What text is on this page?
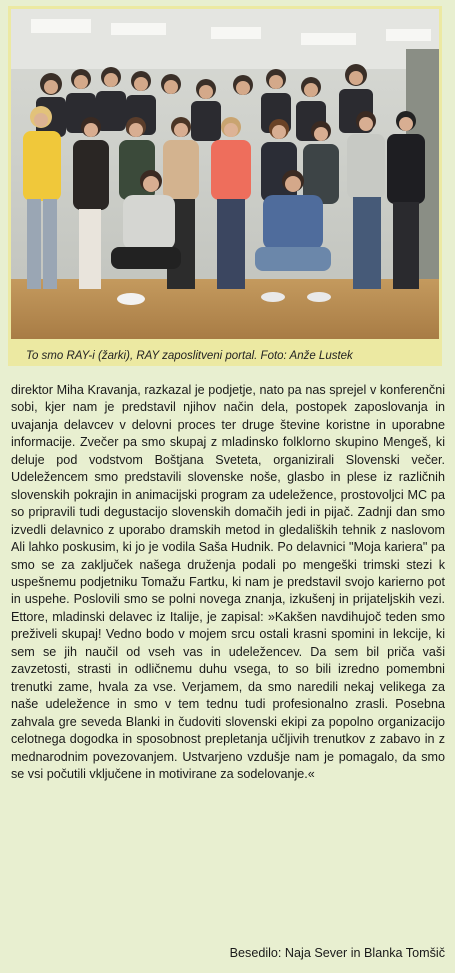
To smo RAY-i (žarki), RAY zaposlitveni portal. Foto: Anže Lustek

direktor Miha Kravanja, razkazal je podjetje, nato pa nas sprejel v konferenčni sobi, kjer nam je predstavil njihov način dela, postopek zaposlovanja in uvajanja delavcev v delovni proces ter druge števine koristne in uporabne informacije. Zvečer pa smo skupaj z mladinsko folklorno skupino Mengeš, ki deluje pod vodstvom Boštjana Sveteta, organizirali Slovenski večer. Udeležencem smo predstavili slovenske noše, glasbo in plese iz različnih slovenskih pokrajin in animacijski program za udeležence, prostovoljci MC pa so pripravili tudi degustacijo slovenskih domačih jedi in pijač. Zadnji dan smo izvedli delavnico z uporabo dramskih metod in gledaliških tehnik z naslovom Ali lahko poskusim, ki jo je vodila Saša Hudnik. Po delavnici "Moja kariera" pa smo se za zaključek našega druženja podali po mengeški trimski stezi k uspešnemu podjetniku Tomažu Fartku, ki nam je predstavil svojo karierno pot in uspehe. Poslovili smo se polni novega znanja, izkušenj in prijateljskih vezi. Ettore, mladinski delavec iz Italije, je zapisal: »Kakšen navdihujoč teden smo preživeli skupaj! Vedno bodo v mojem srcu ostali krasni spomini in lekcije, ki sem se jih naučil od vseh vas in udeležencev. Da sem bil priča vaši zavzetosti, strasti in odličnemu duhu vsega, to so bili izredno pomembni trenutki zame, hvala za vse. Verjamem, da smo naredili nekaj velikega za naše udeležence in smo v tem tednu tudi profesionalno zrasli. Posebna zahvala gre seveda Blanki in čudoviti slovenski ekipi za popolno organizacijo celotnega dogodka in sposobnost prepletanja učljivih trenutkov z zabavo in z mednarodnim povezovanjem. Ustvarjeno vzdušje nam je pomagalo, da smo se vsi počutili vključene in motivirane za sodelovanje.«

Besedilo: Naja Sever in Blanka Tomšič
